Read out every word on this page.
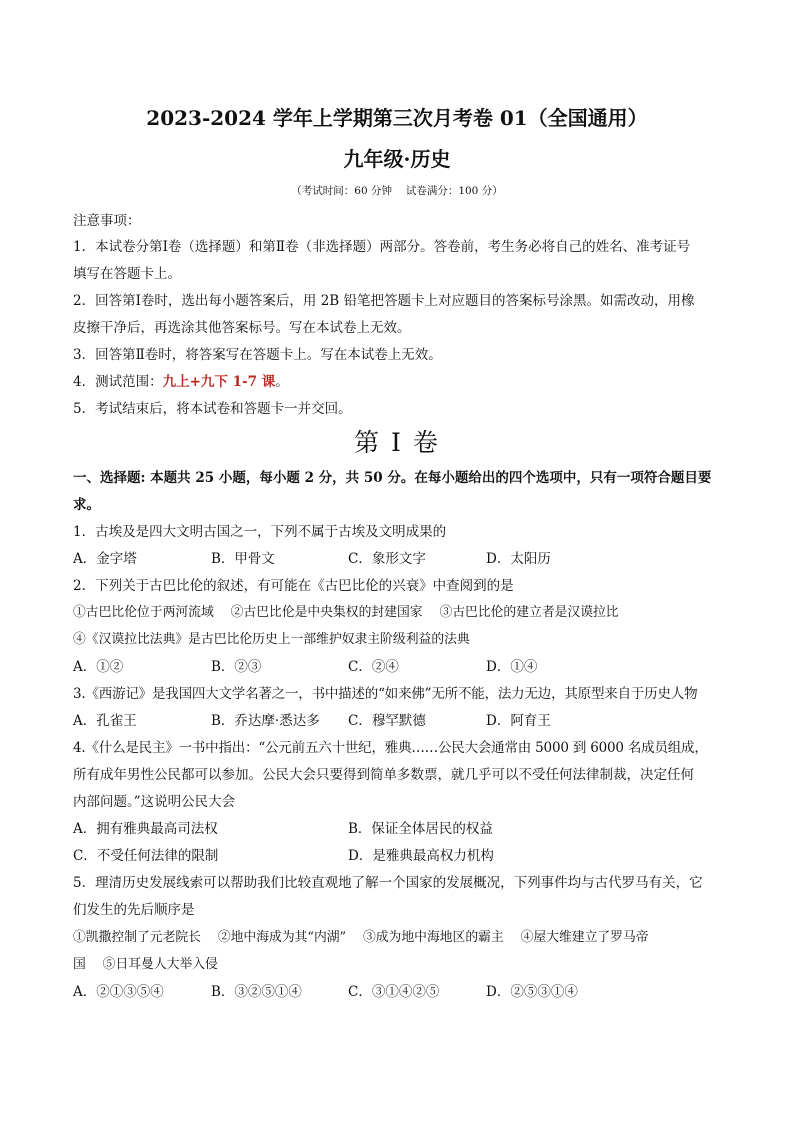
2023-2024 学年上学期第三次月考卷 01（全国通用）
九年级·历史
（考试时间：60 分钟　 试卷满分：100 分）
注意事项：
1．本试卷分第Ⅰ卷（选择题）和第Ⅱ卷（非选择题）两部分。答卷前，考生务必将自己的姓名、准考证号
填写在答题卡上。
2．回答第Ⅰ卷时，选出每小题答案后，用 2B 铅笔把答题卡上对应题目的答案标号涂黑。如需改动，用橡
皮擦干净后，再选涂其他答案标号。写在本试卷上无效。
3．回答第Ⅱ卷时，将答案写在答题卡上。写在本试卷上无效。
4．测试范围：九上+九下 1-7 课。
5．考试结束后，将本试卷和答题卡一并交回。
第 I 卷
一、选择题: 本题共 25 小题，每小题 2 分，共 50 分。在每小题给出的四个选项中，只有一项符合题目要
求。
1．古埃及是四大文明古国之一，下列不属于古埃及文明成果的
A．金字塔	B．甲骨文	C．象形文字	D．太阳历
2．下列关于古巴比伦的叙述，有可能在《古巴比伦的兴衰》中查阅到的是
①古巴比伦位于两河流域　 ②古巴比伦是中央集权的封建国家　 ③古巴比伦的建立者是汉谟拉比
④《汉谟拉比法典》是古巴比伦历史上一部维护奴隶主阶级利益的法典
A．①②	B．②③	C．②④	D．①④
3.《西游记》是我国四大文学名著之一，书中描述的“如来佛”无所不能，法力无边，其原型来自于历史人物
A．孔雀王	B．乔达摩·悉达多 C．穆罕默德	D．阿育王
4.《什么是民主》一书中指出：“公元前五六十世纪，雅典……公民大会通常由 5000 到 6000 名成员组成，
所有成年男性公民都可以参加。公民大会只要得到简单多数票，就几乎可以不受任何法律制裁，决定任何
内部问题。”这说明公民大会
A．拥有雅典最高司法权	B．保证全体居民的权益
C．不受任何法律的限制	D．是雅典最高权力机构
5．理清历史发展线索可以帮助我们比较直观地了解一个国家的发展概况，下列事件均与古代罗马有关，它
们发生的先后顺序是
①凯撒控制了元老院长　 ②地中海成为其“内湖”　 ③成为地中海地区的霸主　 ④屋大维建立了罗马帝
国　 ⑤日耳曼人大举入侵
A．②①③⑤④	B．③②⑤①④	C．③①④②⑤	D．②⑤③①④
